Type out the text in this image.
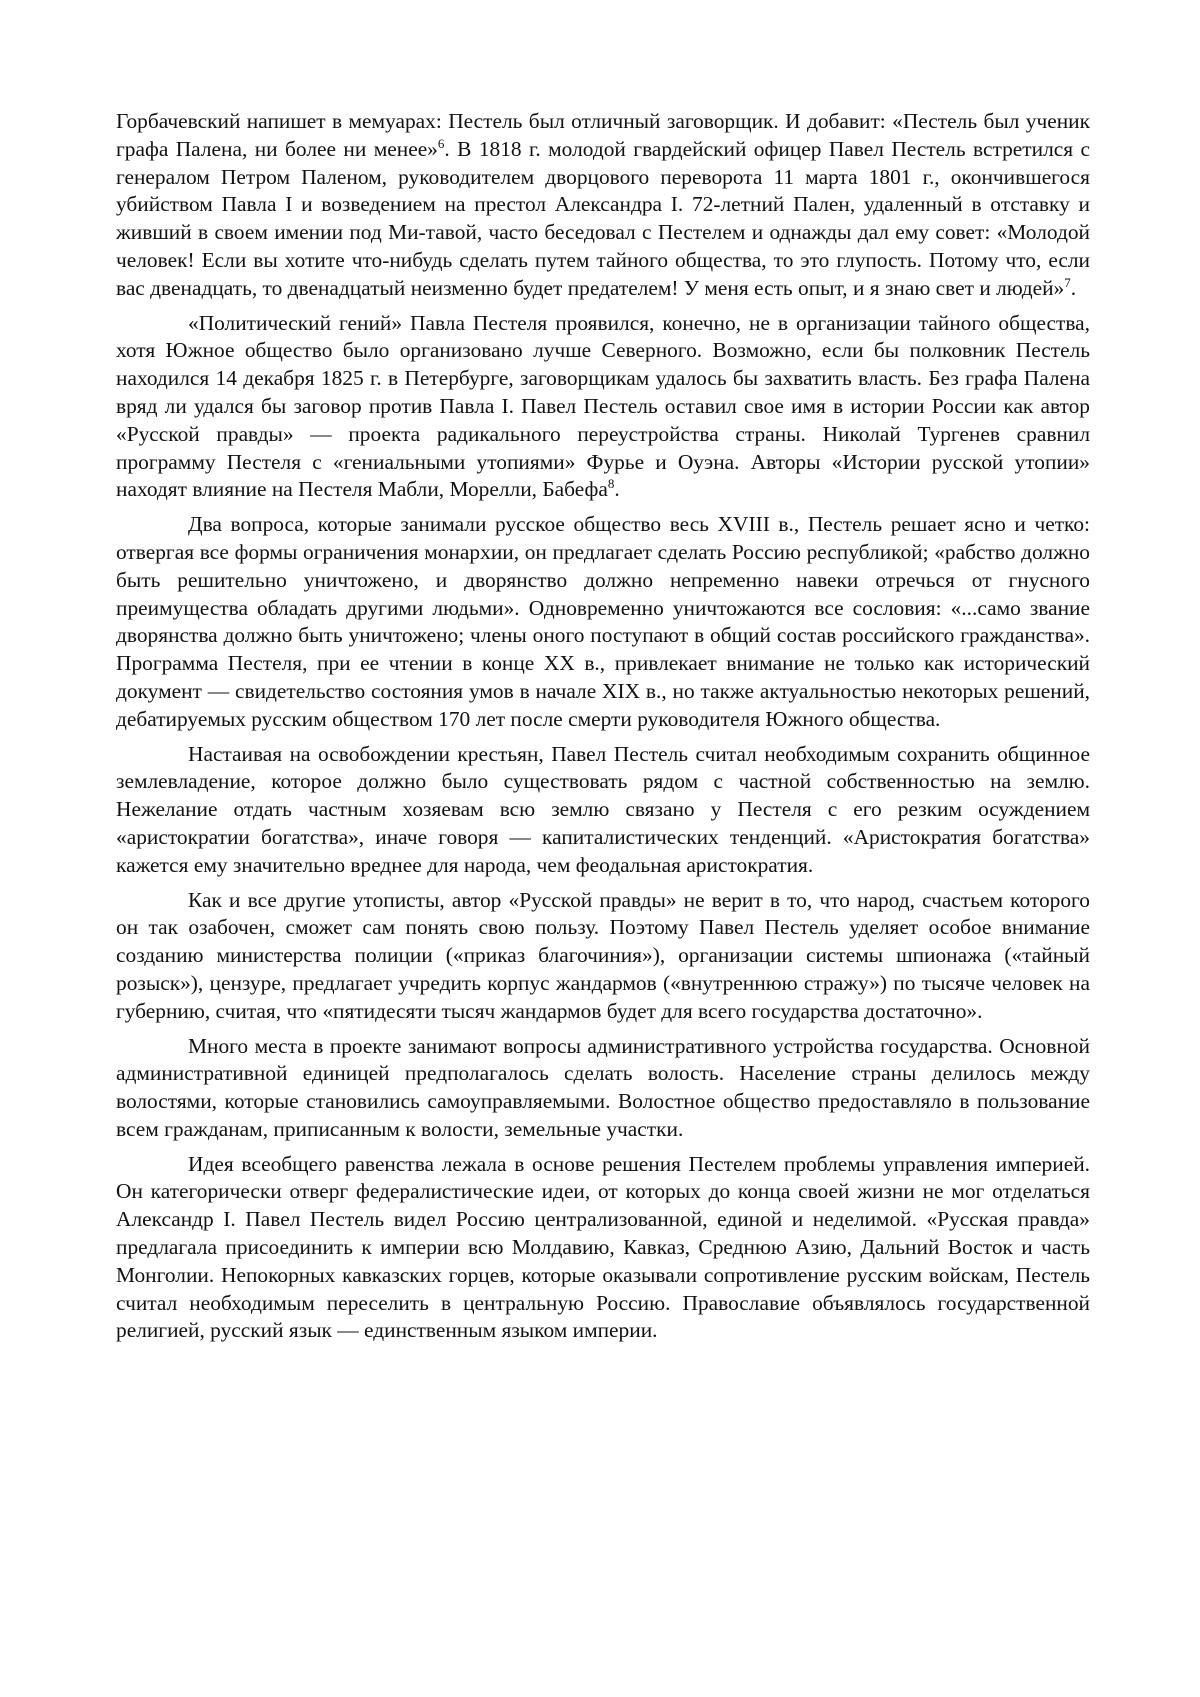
Горбачевский напишет в мемуарах: Пестель был отличный заговорщик. И добавит: «Пестель был ученик графа Палена, ни более ни менее»$^6$. В 1818 г. молодой гвардейский офицер Павел Пестель встретился с генералом Петром Паленом, руководителем дворцового переворота 11 марта 1801 г., окончившегося убийством Павла I и возведением на престол Александра I. 72-летний Пален, удаленный в отставку и живший в своем имении под Ми-тавой, часто беседовал с Пестелем и однажды дал ему совет: «Молодой человек! Если вы хотите что-нибудь сделать путем тайного общества, то это глупость. Потому что, если вас двенадцать, то двенадцатый неизменно будет предателем! У меня есть опыт, и я знаю свет и людей»$^7$.

«Политический гений» Павла Пестеля проявился, конечно, не в организации тайного общества, хотя Южное общество было организовано лучше Северного. Возможно, если бы полковник Пестель находился 14 декабря 1825 г. в Петербурге, заговорщикам удалось бы захватить власть. Без графа Палена вряд ли удался бы заговор против Павла I. Павел Пестель оставил свое имя в истории России как автор «Русской правды» — проекта радикального переустройства страны. Николай Тургенев сравнил программу Пестеля с «гениальными утопиями» Фурье и Оуэна. Авторы «Истории русской утопии» находят влияние на Пестеля Мабли, Морелли, Бабефа$^8$.

Два вопроса, которые занимали русское общество весь XVIII в., Пестель решает ясно и четко: отвергая все формы ограничения монархии, он предлагает сделать Россию республикой; «рабство должно быть решительно уничтожено, и дворянство должно непременно навеки отречься от гнусного преимущества обладать другими людьми». Одновременно уничтожаются все сословия: «...само звание дворянства должно быть уничтожено; члены оного поступают в общий состав российского гражданства». Программа Пестеля, при ее чтении в конце XX в., привлекает внимание не только как исторический документ — свидетельство состояния умов в начале XIX в., но также актуальностью некоторых решений, дебатируемых русским обществом 170 лет после смерти руководителя Южного общества.

Настаивая на освобождении крестьян, Павел Пестель считал необходимым сохранить общинное землевладение, которое должно было существовать рядом с частной собственностью на землю. Нежелание отдать частным хозяевам всю землю связано у Пестеля с его резким осуждением «аристократии богатства», иначе говоря — капиталистических тенденций. «Аристократия богатства» кажется ему значительно вреднее для народа, чем феодальная аристократия.

Как и все другие утописты, автор «Русской правды» не верит в то, что народ, счастьем которого он так озабочен, сможет сам понять свою пользу. Поэтому Павел Пестель уделяет особое внимание созданию министерства полиции («приказ благочиния»), организации системы шпионажа («тайный розыск»), цензуре, предлагает учредить корпус жандармов («внутреннюю стражу») по тысяче человек на губернию, считая, что «пятидесяти тысяч жандармов будет для всего государства достаточно».

Много места в проекте занимают вопросы административного устройства государства. Основной административной единицей предполагалось сделать волость. Население страны делилось между волостями, которые становились самоуправляемыми. Волостное общество предоставляло в пользование всем гражданам, приписанным к волости, земельные участки.

Идея всеобщего равенства лежала в основе решения Пестелем проблемы управления империей. Он категорически отверг федералистические идеи, от которых до конца своей жизни не мог отделаться Александр I. Павел Пестель видел Россию централизованной, единой и неделимой. «Русская правда» предлагала присоединить к империи всю Молдавию, Кавказ, Среднюю Азию, Дальний Восток и часть Монголии. Непокорных кавказских горцев, которые оказывали сопротивление русским войскам, Пестель считал необходимым переселить в центральную Россию. Православие объявлялось государственной религией, русский язык — единственным языком империи.
